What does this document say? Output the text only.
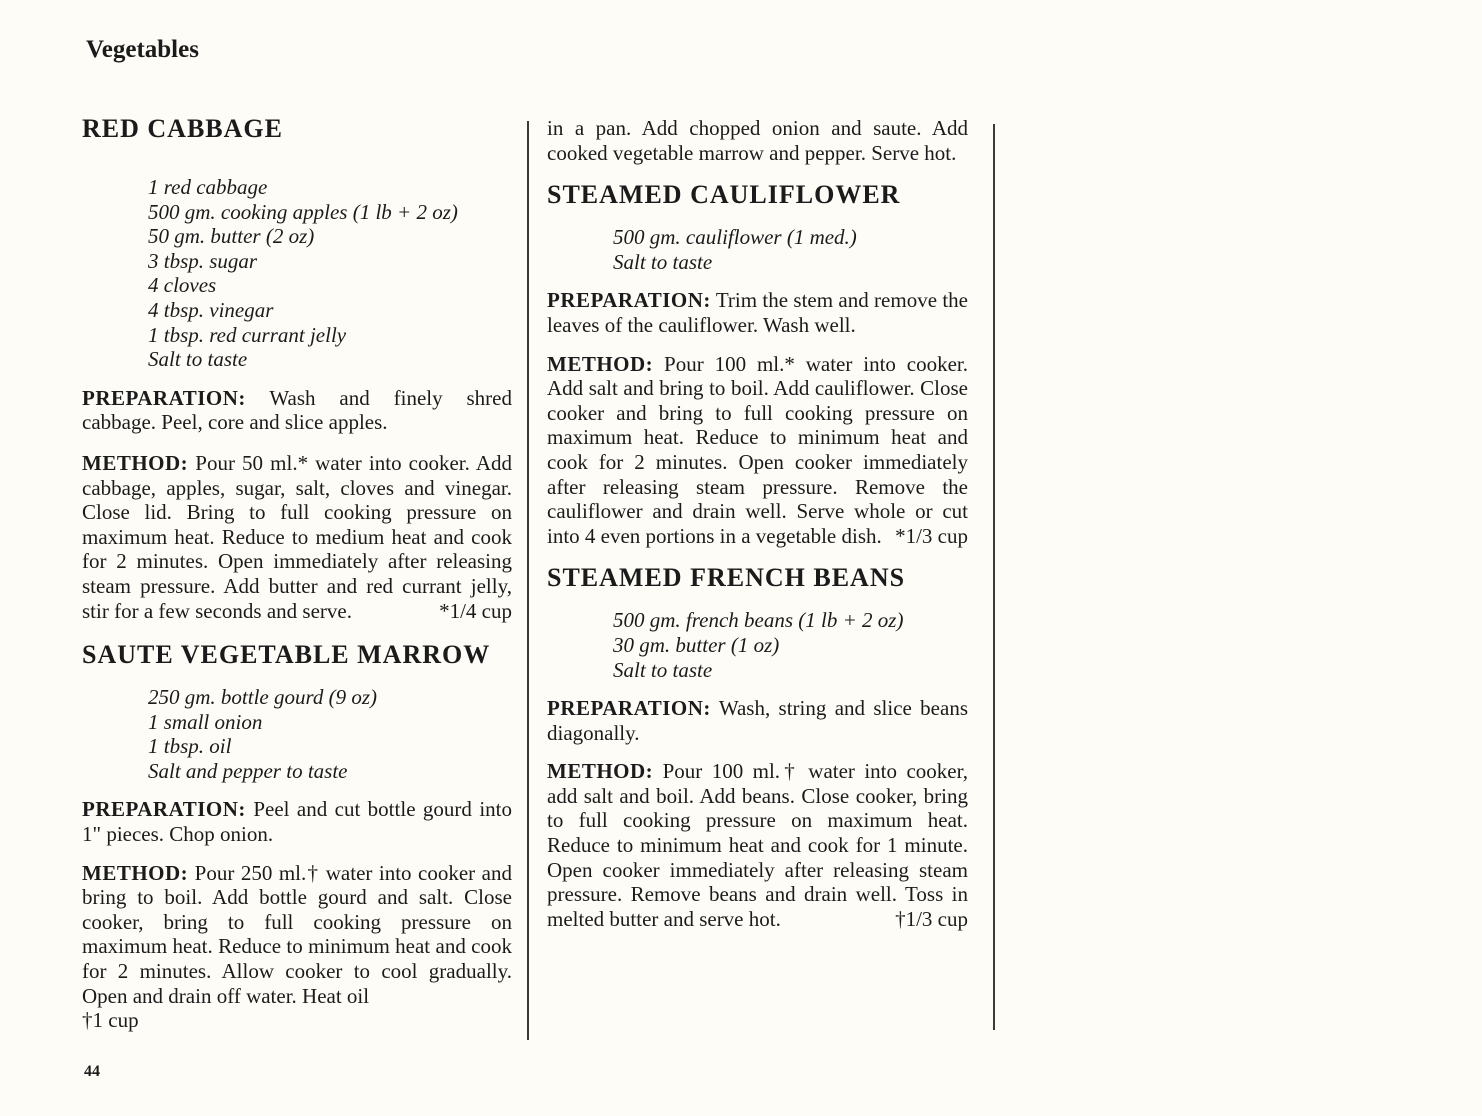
Vegetables
RED CABBAGE
1 red cabbage
500 gm. cooking apples (1 lb + 2 oz)
50 gm. butter (2 oz)
3 tbsp. sugar
4 cloves
4 tbsp. vinegar
1 tbsp. red currant jelly
Salt to taste

PREPARATION: Wash and finely shred cabbage. Peel, core and slice apples.

METHOD: Pour 50 ml.* water into cooker. Add cabbage, apples, sugar, salt, cloves and vinegar. Close lid. Bring to full cooking pressure on maximum heat. Reduce to medium heat and cook for 2 minutes. Open immediately after releasing steam pressure. Add butter and red currant jelly, stir for a few seconds and serve.	*1/4 cup

SAUTE VEGETABLE MARROW
250 gm. bottle gourd (9 oz)
1 small onion
1 tbsp. oil
Salt and pepper to taste

PREPARATION: Peel and cut bottle gourd into 1" pieces. Chop onion.

METHOD: Pour 250 ml.† water into cooker and bring to boil. Add bottle gourd and salt. Close cooker, bring to full cooking pressure on maximum heat. Reduce to minimum heat and cook for 2 minutes. Allow cooker to cool gradually. Open and drain off water. Heat oil

†1 cup

in a pan. Add chopped onion and saute. Add cooked vegetable marrow and pepper. Serve hot.

STEAMED CAULIFLOWER
500 gm. cauliflower (1 med.)
Salt to taste

PREPARATION: Trim the stem and remove the leaves of the cauliflower. Wash well.

METHOD: Pour 100 ml.* water into cooker. Add salt and bring to boil. Add cauliflower. Close cooker and bring to full cooking pressure on maximum heat. Reduce to minimum heat and cook for 2 minutes. Open cooker immediately after releasing steam pressure. Remove the cauliflower and drain well. Serve whole or cut into 4 even portions in a vegetable dish. *1/3 cup

STEAMED FRENCH BEANS
500 gm. french beans (1 lb + 2 oz)
30 gm. butter (1 oz)
Salt to taste

PREPARATION: Wash, string and slice beans diagonally.

METHOD: Pour 100 ml.† water into cooker, add salt and boil. Add beans. Close cooker, bring to full cooking pressure on maximum heat. Reduce to minimum heat and cook for 1 minute. Open cooker immediately after releasing steam pressure. Remove beans and drain well. Toss in melted butter and serve hot.	†1/3 cup

44
